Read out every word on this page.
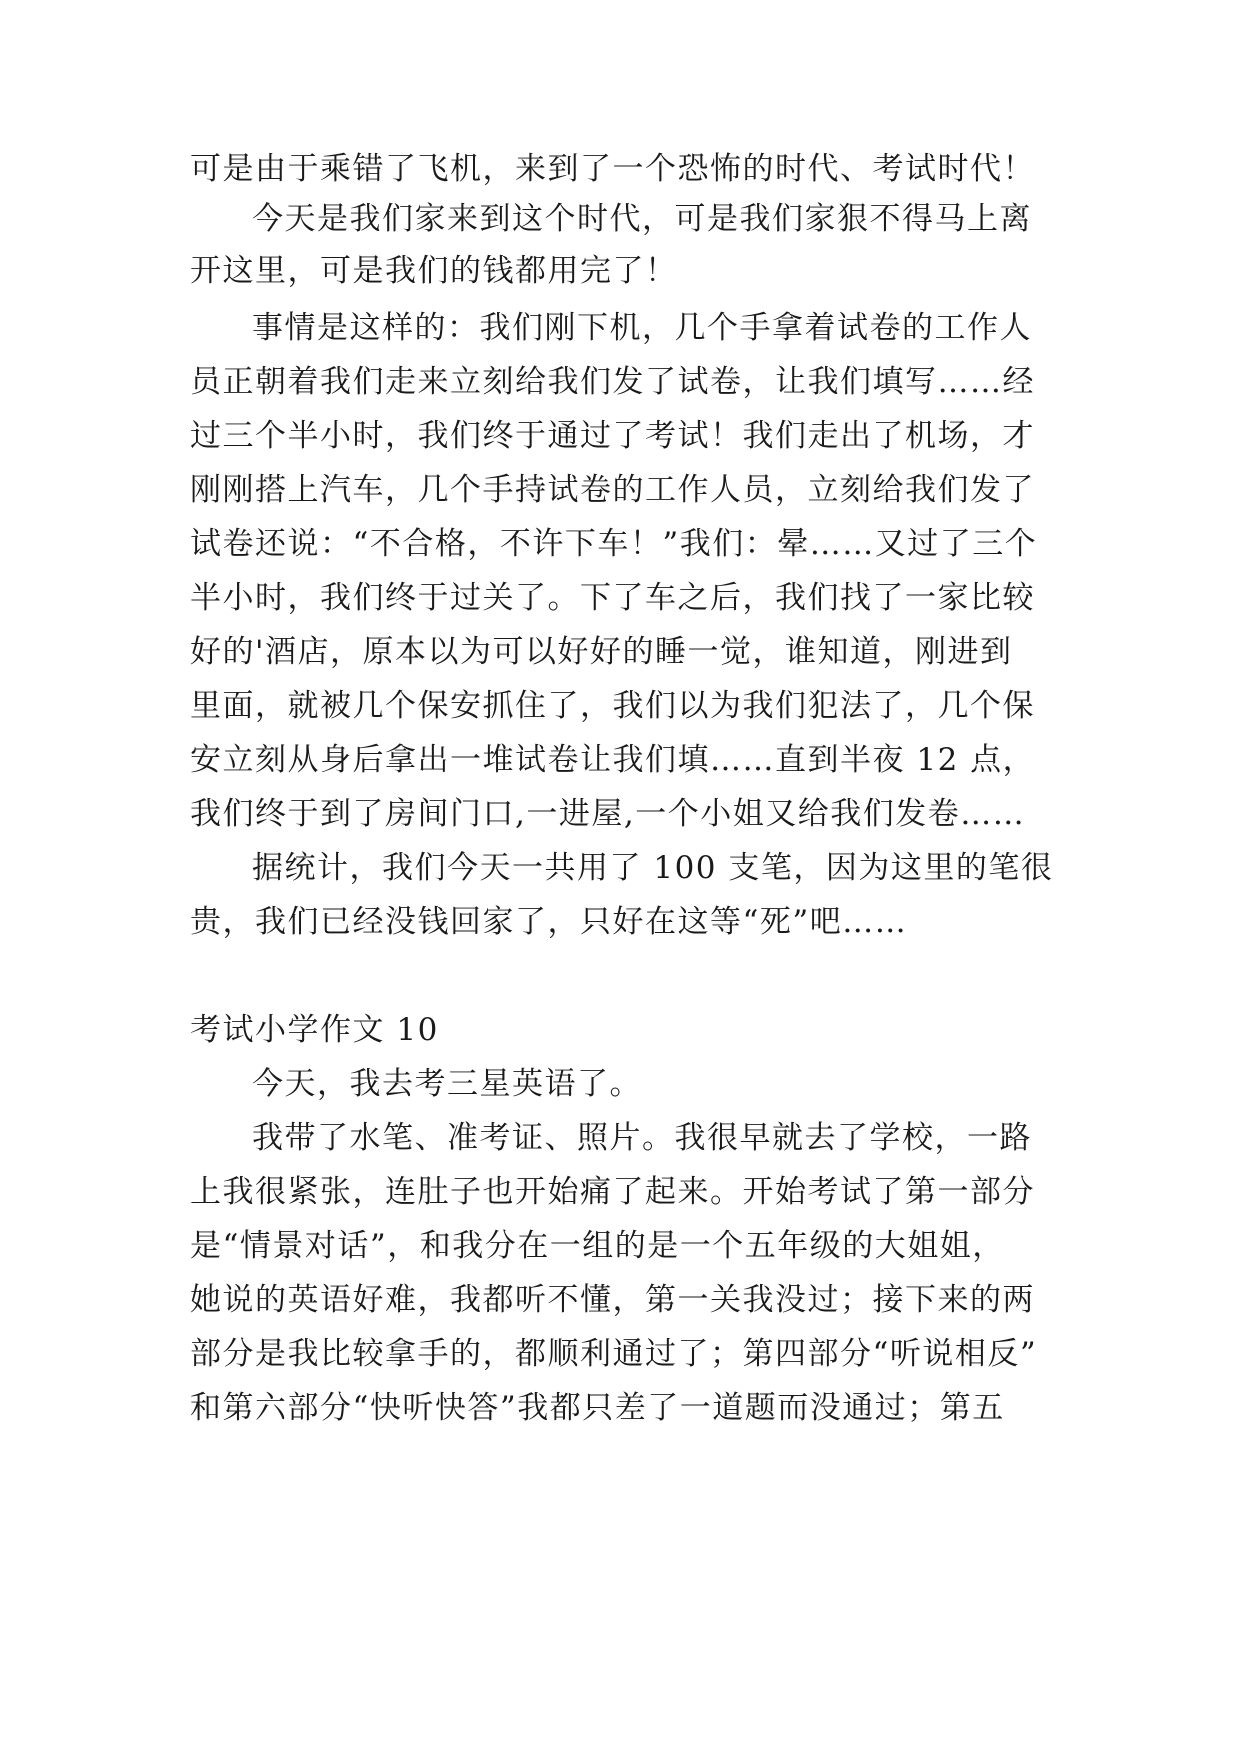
可是由于乘错了飞机，来到了一个恐怖的时代、考试时代！
今天是我们家来到这个时代，可是我们家狠不得马上离
开这里，可是我们的钱都用完了！
事情是这样的：我们刚下机，几个手拿着试卷的工作人
员正朝着我们走来立刻给我们发了试卷，让我们填写……经
过三个半小时，我们终于通过了考试！我们走出了机场，才
刚刚搭上汽车，几个手持试卷的工作人员，立刻给我们发了
试卷还说：“不合格，不许下车！”我们：晕……又过了三个
半小时，我们终于过关了。下了车之后，我们找了一家比较
好的'酒店，原本以为可以好好的睡一觉，谁知道，刚进到
里面，就被几个保安抓住了，我们以为我们犯法了，几个保
安立刻从身后拿出一堆试卷让我们填……直到半夜 12 点，
我们终于到了房间门口,一进屋,一个小姐又给我们发卷……
据统计，我们今天一共用了 100 支笔，因为这里的笔很
贵，我们已经没钱回家了，只好在这等“死”吧……
考试小学作文 10
今天，我去考三星英语了。
我带了水笔、准考证、照片。我很早就去了学校，一路
上我很紧张，连肚子也开始痛了起来。开始考试了第一部分
是“情景对话”，和我分在一组的是一个五年级的大姐姐，
她说的英语好难，我都听不懂，第一关我没过；接下来的两
部分是我比较拿手的，都顺利通过了；第四部分“听说相反”
和第六部分“快听快答”我都只差了一道题而没通过；第五
